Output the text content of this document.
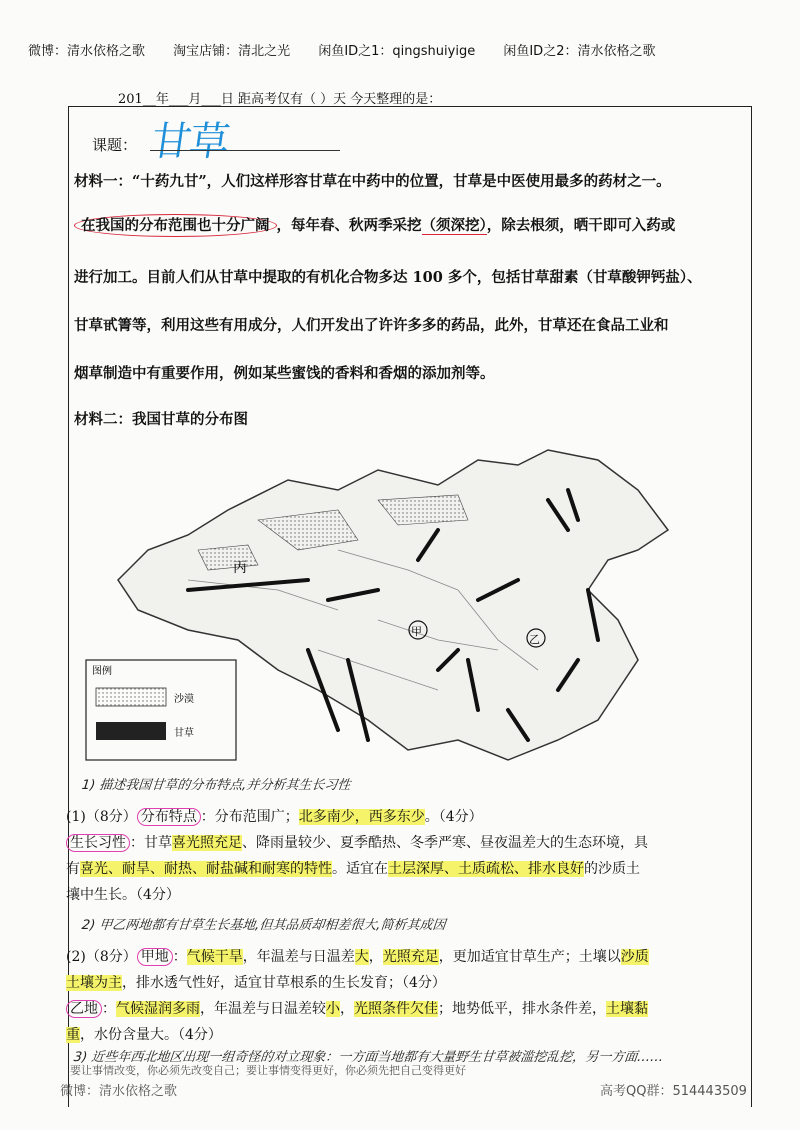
微博：清水依格之歌 淘宝店铺：清北之光 闲鱼ID之1：qingshuiyige 闲鱼ID之2：清水依格之歌
201__年___月___日 距高考仅有（ ）天 今天整理的是：
课题： 甘草
材料一：“十药九甘”，人们这样形容甘草在中药中的位置，甘草是中医使用最多的药材之一。
在我国的分布范围也十分广阔 ，每年春、秋两季采挖（须深挖），除去根须，晒干即可入药或
进行加工。目前人们从甘草中提取的有机化合物多达 100 多个，包括甘草甜素（甘草酸钾钙盐）、
甘草甙箐等，利用这些有用成分，人们开发出了许许多多的药品，此外，甘草还在食品工业和
烟草制造中有重要作用，例如某些蜜饯的香料和香烟的添加剂等。
材料二：我国甘草的分布图
丙
甲
乙
图例
沙漠
甘草
1) 描述我国甘草的分布特点,并分析其生长习性
(1)（8分） 分布特点 ：分布范围广；北多南少，西多东少。（4分）
生长习性 ：甘草喜光照充足、降雨量较少、夏季酷热、冬季严寒、昼夜温差大的生态环境，具
有喜光、耐旱、耐热、耐盐碱和耐寒的特性。适宜在土层深厚、土质疏松、排水良好的沙质土
壤中生长。（4分）
2) 甲乙两地都有甘草生长基地,但其品质却相差很大,简析其成因
(2)（8分） 甲地 ：气候干旱，年温差与日温差大，光照充足，更加适宜甘草生产；土壤以沙质
土壤为主，排水透气性好，适宜甘草根系的生长发育；（4分）
乙地 ：气候湿润多雨，年温差与日温差较小，光照条件欠佳；地势低平，排水条件差，土壤黏
重，水份含量大。（4分）
3) 近些年西北地区出现一组奇怪的对立现象：一方面当地都有大量野生甘草被滥挖乱挖，另一方面……
要让事情改变，你必须先改变自己；要让事情变得更好，你必须先把自己变得更好
微博：清水依格之歌	高考QQ群：514443509
